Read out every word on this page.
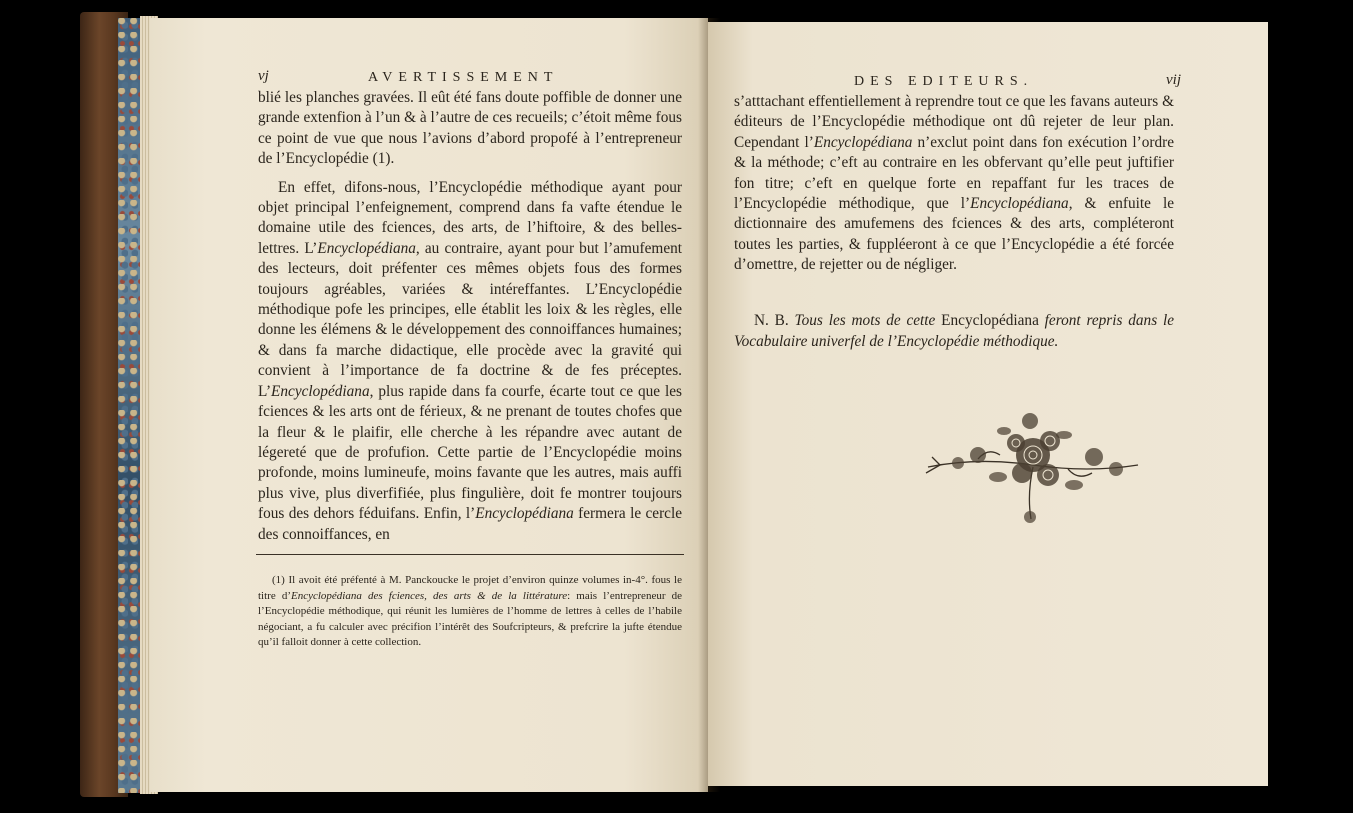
vj	AVERTISSEMENT

blié les planches gravées. Il eût été fans doute poffible de donner une grande extenfion à l’un & à l’autre de ces recueils; c’étoit même fous ce point de vue que nous l’avions d’abord propofé à l’entrepreneur de l’Encyclopédie (1).

En effet, difons-nous, l’Encyclopédie méthodique ayant pour objet principal l’enfeignement, comprend dans fa vafte étendue le domaine utile des fciences, des arts, de l’hiftoire, & des belles-lettres. L’Encyclopédiana, au contraire, ayant pour but l’amufement des lecteurs, doit préfenter ces mêmes objets fous des formes toujours agréables, variées & intéreffantes. L’Encyclopédie méthodique pofe les principes, elle établit les loix & les règles, elle donne les élémens & le développement des connoiffances humaines; & dans fa marche didactique, elle procède avec la gravité qui convient à l’importance de fa doctrine & de fes préceptes. L’Encyclopédiana, plus rapide dans fa courfe, écarte tout ce que les fciences & les arts ont de férieux, & ne prenant de toutes chofes que la fleur & le plaifir, elle cherche à les répandre avec autant de légereté que de profufion. Cette partie de l’Encyclopédie moins profonde, moins lumineufe, moins favante que les autres, mais auffi plus vive, plus diverfifiée, plus fingulière, doit fe montrer toujours fous des dehors féduifans. Enfin, l’Encyclopédiana fermera le cercle des connoiffances, en

(1) Il avoit été préfenté à M. Panckoucke le projet d’environ quinze volumes in-4°. fous le titre d’Encyclopédiana des fciences, des arts & de la littérature: mais l’entrepreneur de l’Encyclopédie méthodique, qui réunit les lumières de l’homme de lettres à celles de l’habile négociant, a fu calculer avec précifion l’intérêt des Soufcripteurs, & prefcrire la jufte étendue qu’il falloit donner à cette collection.
DES EDITEURS.	vij

s’atttachant effentiellement à reprendre tout ce que les favans auteurs & éditeurs de l’Encyclopédie méthodique ont dû rejeter de leur plan. Cependant l’Encyclopédiana n’exclut point dans fon exécution l’ordre & la méthode; c’eft au contraire en les obfervant qu’elle peut juftifier fon titre; c’eft en quelque forte en repaffant fur les traces de l’Encyclopédie méthodique, que l’Encyclopédiana, & enfuite le dictionnaire des amufemens des fciences & des arts, compléteront toutes les parties, & fuppléeront à ce que l’Encyclopédie a été forcée d’omettre, de rejetter ou de négliger.

N. B. Tous les mots de cette Encyclopédiana feront repris dans le Vocabulaire univerfel de l’Encyclopédie méthodique.
